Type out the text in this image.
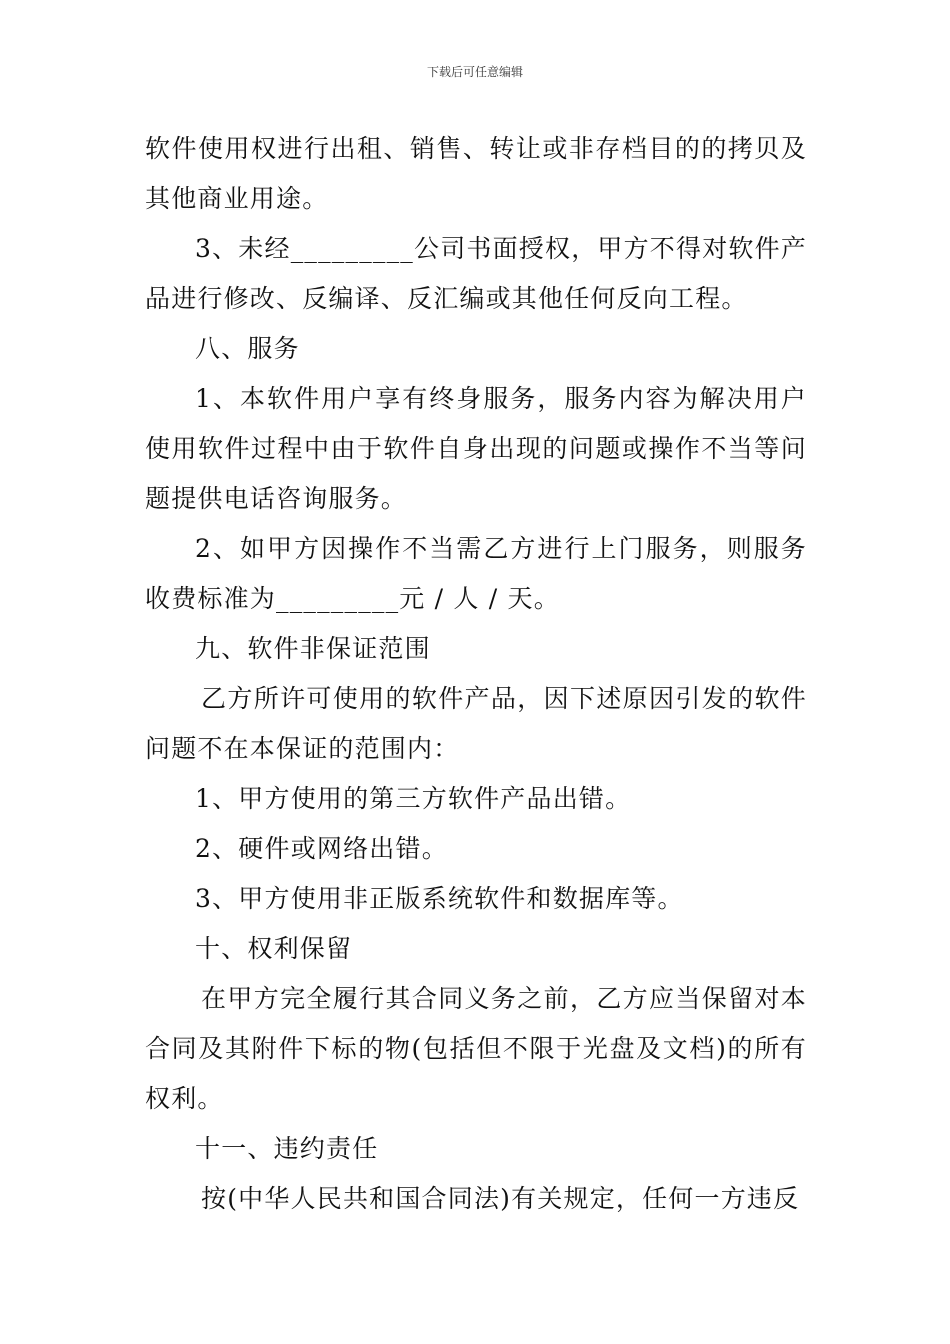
下载后可任意编辑

软件使用权进行出租、销售、转让或非存档目的的拷贝及其他商业用途。

3、未经_________公司书面授权，甲方不得对软件产品进行修改、反编译、反汇编或其他任何反向工程。

八、服务

1、本软件用户享有终身服务，服务内容为解决用户使用软件过程中由于软件自身出现的问题或操作不当等问题提供电话咨询服务。

2、如甲方因操作不当需乙方进行上门服务，则服务收费标准为_________元 / 人 / 天。

九、软件非保证范围

乙方所许可使用的软件产品，因下述原因引发的软件问题不在本保证的范围内：

1、甲方使用的第三方软件产品出错。

2、硬件或网络出错。

3、甲方使用非正版系统软件和数据库等。

十、权利保留

在甲方完全履行其合同义务之前，乙方应当保留对本合同及其附件下标的物(包括但不限于光盘及文档)的所有权利。

十一、违约责任

按(中华人民共和国合同法)有关规定，任何一方违反
